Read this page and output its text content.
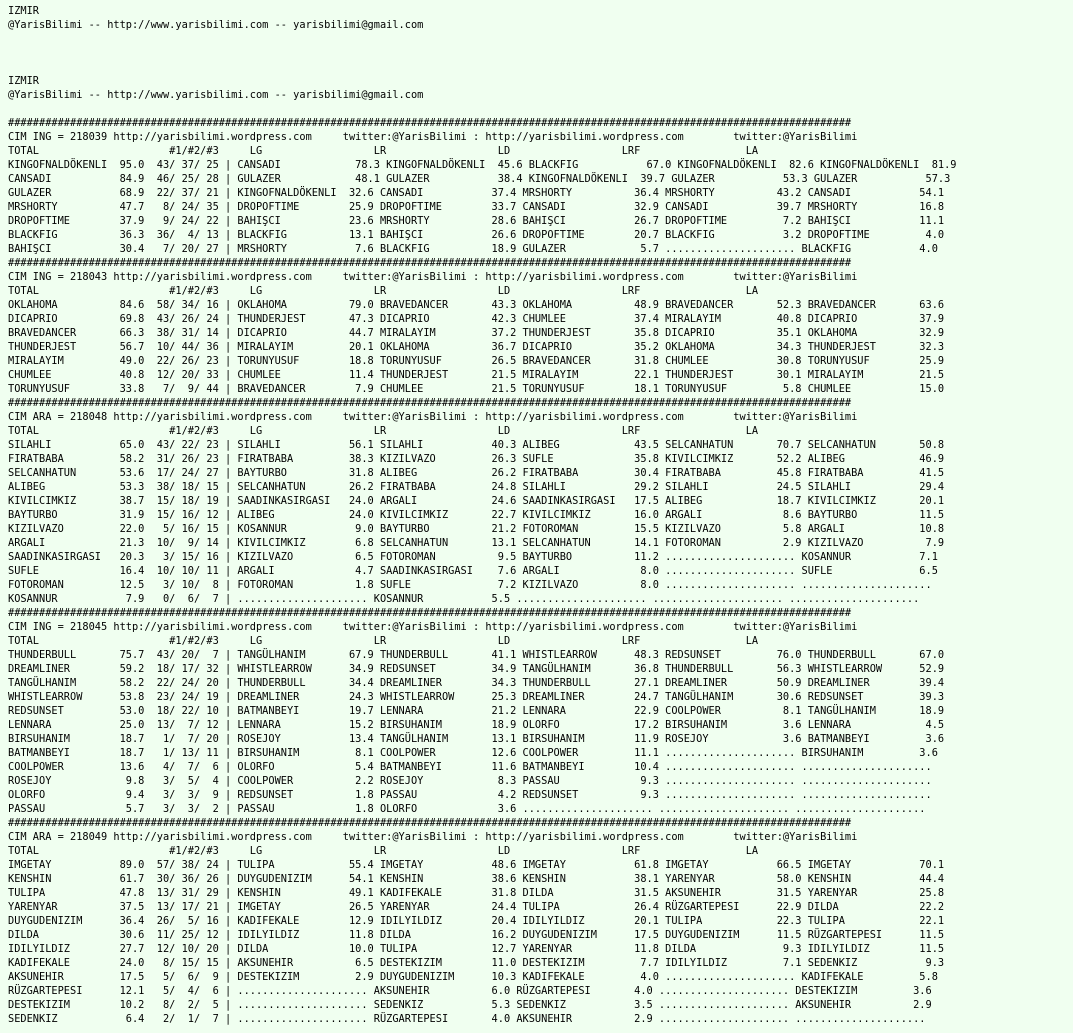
IZMIR
@YarisBilimi -- http://www.yarisbilimi.com -- yarisbilimi@gmail.com
IZMIR
@YarisBilimi -- http://www.yarisbilimi.com -- yarisbilimi@gmail.com
########################################################################################################################################
CIM ING = 218039 http://yarisbilimi.wordpress.com     twitter:@YarisBilimi : http://yarisbilimi.wordpress.com        twitter:@YarisBilimi
TOTAL                     #1/#2/#3     LG                  LR                  LD                  LRF                 LA
KINGOFNALDÖKENLI  95.0  43/ 37/ 25 | CANSADI            78.3 KINGOFNALDÖKENLI  45.6 BLACKFIG           67.0 KINGOFNALDÖKENLI  82.6 KINGOFNALDÖKENLI  81.9
CANSADI           84.9  46/ 25/ 28 | GULAZER            48.1 GULAZER           38.4 KINGOFNALDÖKENLI  39.7 GULAZER           53.3 GULAZER           57.3
GULAZER           68.9  22/ 37/ 21 | KINGOFNALDÖKENLI  32.6 CANSADI           37.4 MRSHORTY          36.4 MRSHORTY          43.2 CANSADI           54.1
MRSHORTY          47.7   8/ 24/ 35 | DROPOFTIME        25.9 DROPOFTIME        33.7 CANSADI           32.9 CANSADI           39.7 MRSHORTY          16.8
DROPOFTIME        37.9   9/ 24/ 22 | BAHIŞCI           23.6 MRSHORTY          28.6 BAHIŞCI           26.7 DROPOFTIME         7.2 BAHIŞCI           11.1
BLACKFIG          36.3  36/  4/ 13 | BLACKFIG          13.1 BAHIŞCI           26.6 DROPOFTIME        20.7 BLACKFIG           3.2 DROPOFTIME         4.0
BAHIŞCI           30.4   7/ 20/ 27 | MRSHORTY           7.6 BLACKFIG          18.9 GULAZER            5.7 ..................... BLACKFIG           4.0
########################################################################################################################################
CIM ING = 218043 http://yarisbilimi.wordpress.com     twitter:@YarisBilimi : http://yarisbilimi.wordpress.com        twitter:@YarisBilimi
TOTAL                     #1/#2/#3     LG                  LR                  LD                  LRF                 LA
OKLAHOMA          84.6  58/ 34/ 16 | OKLAHOMA          79.0 BRAVEDANCER       43.3 OKLAHOMA          48.9 BRAVEDANCER       52.3 BRAVEDANCER       63.6
DICAPRIO          69.8  43/ 26/ 24 | THUNDERJEST       47.3 DICAPRIO          42.3 CHUMLEE           37.4 MIRALAYIM         40.8 DICAPRIO          37.9
BRAVEDANCER       66.3  38/ 31/ 14 | DICAPRIO          44.7 MIRALAYIM         37.2 THUNDERJEST       35.8 DICAPRIO          35.1 OKLAHOMA          32.9
THUNDERJEST       56.7  10/ 44/ 36 | MIRALAYIM         20.1 OKLAHOMA          36.7 DICAPRIO          35.2 OKLAHOMA          34.3 THUNDERJEST       32.3
MIRALAYIM         49.0  22/ 26/ 23 | TORUNYUSUF        18.8 TORUNYUSUF        26.5 BRAVEDANCER       31.8 CHUMLEE           30.8 TORUNYUSUF        25.9
CHUMLEE           40.8  12/ 20/ 33 | CHUMLEE           11.4 THUNDERJEST       21.5 MIRALAYIM         22.1 THUNDERJEST       30.1 MIRALAYIM         21.5
TORUNYUSUF        33.8   7/  9/ 44 | BRAVEDANCER        7.9 CHUMLEE           21.5 TORUNYUSUF        18.1 TORUNYUSUF         5.8 CHUMLEE           15.0
########################################################################################################################################
CIM ARA = 218048 http://yarisbilimi.wordpress.com     twitter:@YarisBilimi : http://yarisbilimi.wordpress.com        twitter:@YarisBilimi
TOTAL                     #1/#2/#3     LG                  LR                  LD                  LRF                 LA
SILAHLI           65.0  43/ 22/ 23 | SILAHLI           56.1 SILAHLI           40.3 ALIBEG            43.5 SELCANHATUN       70.7 SELCANHATUN       50.8
FIRATBABA         58.2  31/ 26/ 23 | FIRATBABA         38.3 KIZILVAZO         26.3 SUFLE             35.8 KIVILCIMKIZ       52.2 ALIBEG            46.9
SELCANHATUN       53.6  17/ 24/ 27 | BAYTURBO          31.8 ALIBEG            26.2 FIRATBABA         30.4 FIRATBABA         45.8 FIRATBABA         41.5
ALIBEG            53.3  38/ 18/ 15 | SELCANHATUN       26.2 FIRATBABA         24.8 SILAHLI           29.2 SILAHLI           24.5 SILAHLI           29.4
KIVILCIMKIZ       38.7  15/ 18/ 19 | SAADINKASIRGASI   24.0 ARGALI            24.6 SAADINKASIRGASI   17.5 ALIBEG            18.7 KIVILCIMKIZ       20.1
BAYTURBO          31.9  15/ 16/ 12 | ALIBEG            24.0 KIVILCIMKIZ       22.7 KIVILCIMKIZ       16.0 ARGALI             8.6 BAYTURBO          11.5
KIZILVAZO         22.0   5/ 16/ 15 | KOSANNUR           9.0 BAYTURBO          21.2 FOTOROMAN         15.5 KIZILVAZO          5.8 ARGALI            10.8
ARGALI            21.3  10/  9/ 14 | KIVILCIMKIZ        6.8 SELCANHATUN       13.1 SELCANHATUN       14.1 FOTOROMAN          2.9 KIZILVAZO          7.9
SAADINKASIRGASI   20.3   3/ 15/ 16 | KIZILVAZO          6.5 FOTOROMAN          9.5 BAYTURBO          11.2 ..................... KOSANNUR           7.1
SUFLE             16.4  10/ 10/ 11 | ARGALI             4.7 SAADINKASIRGASI    7.6 ARGALI             8.0 ..................... SUFLE              6.5
FOTOROMAN         12.5   3/ 10/  8 | FOTOROMAN          1.8 SUFLE              7.2 KIZILVAZO          8.0 ..................... .....................
KOSANNUR           7.9   0/  6/  7 | ..................... KOSANNUR           5.5 ..................... ..................... .....................
########################################################################################################################################
CIM ING = 218045 http://yarisbilimi.wordpress.com     twitter:@YarisBilimi : http://yarisbilimi.wordpress.com        twitter:@YarisBilimi
TOTAL                     #1/#2/#3     LG                  LR                  LD                  LRF                 LA
THUNDERBULL       75.7  43/ 20/  7 | TANGÜLHANIM       67.9 THUNDERBULL       41.1 WHISTLEARROW      48.3 REDSUNSET         76.0 THUNDERBULL       67.0
DREAMLINER        59.2  18/ 17/ 32 | WHISTLEARROW      34.9 REDSUNSET         34.9 TANGÜLHANIM       36.8 THUNDERBULL       56.3 WHISTLEARROW      52.9
TANGÜLHANIM       58.2  22/ 24/ 20 | THUNDERBULL       34.4 DREAMLINER        34.3 THUNDERBULL       27.1 DREAMLINER        50.9 DREAMLINER        39.4
WHISTLEARROW      53.8  23/ 24/ 19 | DREAMLINER        24.3 WHISTLEARROW      25.3 DREAMLINER        24.7 TANGÜLHANIM       30.6 REDSUNSET         39.3
REDSUNSET         53.0  18/ 22/ 10 | BATMANBEYI        19.7 LENNARA           21.2 LENNARA           22.9 COOLPOWER          8.1 TANGÜLHANIM       18.9
LENNARA           25.0  13/  7/ 12 | LENNARA           15.2 BIRSUHANIM        18.9 OLORFO            17.2 BIRSUHANIM         3.6 LENNARA            4.5
BIRSUHANIM        18.7   1/  7/ 20 | ROSEJOY           13.4 TANGÜLHANIM       13.1 BIRSUHANIM        11.9 ROSEJOY            3.6 BATMANBEYI         3.6
BATMANBEYI        18.7   1/ 13/ 11 | BIRSUHANIM         8.1 COOLPOWER         12.6 COOLPOWER         11.1 ..................... BIRSUHANIM         3.6
COOLPOWER         13.6   4/  7/  6 | OLORFO             5.4 BATMANBEYI        11.6 BATMANBEYI        10.4 ..................... .....................
ROSEJOY            9.8   3/  5/  4 | COOLPOWER          2.2 ROSEJOY            8.3 PASSAU             9.3 ..................... .....................
OLORFO             9.4   3/  3/  9 | REDSUNSET          1.8 PASSAU             4.2 REDSUNSET          9.3 ..................... .....................
PASSAU             5.7   3/  3/  2 | PASSAU             1.8 OLORFO             3.6 ..................... ..................... .....................
########################################################################################################################################
CIM ARA = 218049 http://yarisbilimi.wordpress.com     twitter:@YarisBilimi : http://yarisbilimi.wordpress.com        twitter:@YarisBilimi
TOTAL                     #1/#2/#3     LG                  LR                  LD                  LRF                 LA
IMGETAY           89.0  57/ 38/ 24 | TULIPA            55.4 IMGETAY           48.6 IMGETAY           61.8 IMGETAY           66.5 IMGETAY           70.1
KENSHIN           61.7  30/ 36/ 26 | DUYGUDENIZIM      54.1 KENSHIN           38.6 KENSHIN           38.1 YARENYAR          58.0 KENSHIN           44.4
TULIPA            47.8  13/ 31/ 29 | KENSHIN           49.1 KADIFEKALE        31.8 DILDA             31.5 AKSUNEHIR         31.5 YARENYAR          25.8
YARENYAR          37.5  13/ 17/ 21 | IMGETAY           26.5 YARENYAR          24.4 TULIPA            26.4 RÜZGARTEPESI      22.9 DILDA             22.2
DUYGUDENIZIM      36.4  26/  5/ 16 | KADIFEKALE        12.9 IDILYILDIZ        20.4 IDILYILDIZ        20.1 TULIPA            22.3 TULIPA            22.1
DILDA             30.6  11/ 25/ 12 | IDILYILDIZ        11.8 DILDA             16.2 DUYGUDENIZIM      17.5 DUYGUDENIZIM      11.5 RÜZGARTEPESI      11.5
IDILYILDIZ        27.7  12/ 10/ 20 | DILDA             10.0 TULIPA            12.7 YARENYAR          11.8 DILDA              9.3 IDILYILDIZ        11.5
KADIFEKALE        24.0   8/ 15/ 15 | AKSUNEHIR          6.5 DESTEKIZIM        11.0 DESTEKIZIM         7.7 IDILYILDIZ         7.1 SEDENKIZ           9.3
AKSUNEHIR         17.5   5/  6/  9 | DESTEKIZIM         2.9 DUYGUDENIZIM      10.3 KADIFEKALE         4.0 ..................... KADIFEKALE         5.8
RÜZGARTEPESI      12.1   5/  4/  6 | ..................... AKSUNEHIR          6.0 RÜZGARTEPESI       4.0 ..................... DESTEKIZIM         3.6
DESTEKIZIM        10.2   8/  2/  5 | ..................... SEDENKIZ           5.3 SEDENKIZ           3.5 ..................... AKSUNEHIR          2.9
SEDENKIZ           6.4   2/  1/  7 | ..................... RÜZGARTEPESI       4.0 AKSUNEHIR          2.9 ..................... .....................
